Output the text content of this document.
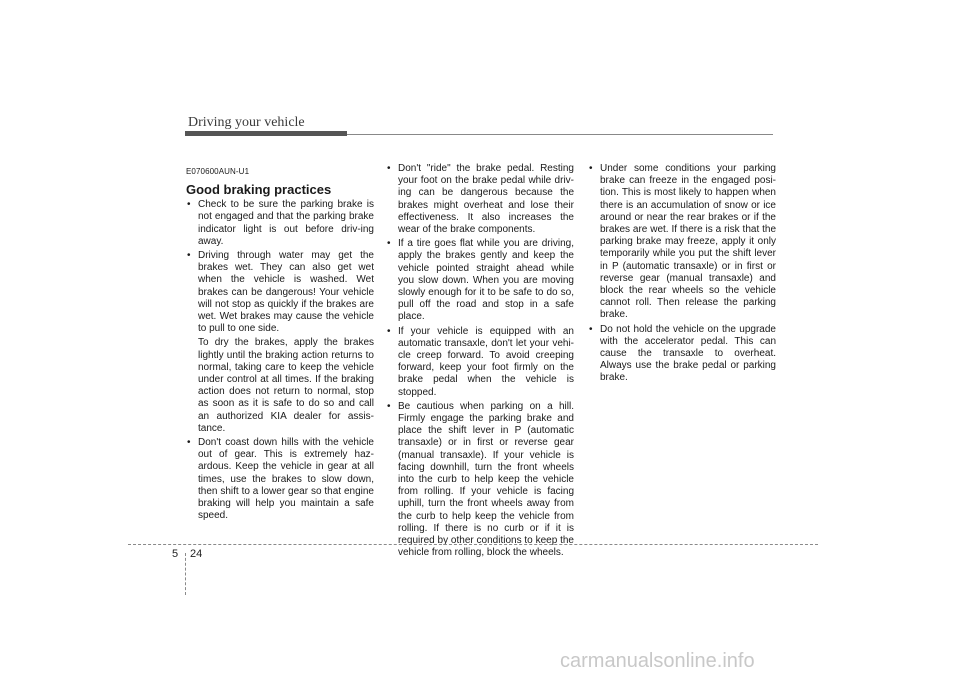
Driving your vehicle
E070600AUN-U1
Good braking practices
• Check to be sure the parking brake is not engaged and that the parking brake indicator light is out before driv-ing away.
• Driving through water may get the brakes wet. They can also get wet when the vehicle is washed. Wet brakes can be dangerous! Your vehicle will not stop as quickly if the brakes are wet. Wet brakes may cause the vehicle to pull to one side.

To dry the brakes, apply the brakes lightly until the braking action returns to normal, taking care to keep the vehicle under control at all times. If the braking action does not return to normal, stop as soon as it is safe to do so and call an authorized KIA dealer for assis-tance.

• Don't coast down hills with the vehicle out of gear. This is extremely haz-ardous. Keep the vehicle in gear at all times, use the brakes to slow down, then shift to a lower gear so that engine braking will help you maintain a safe speed.
• Don't "ride" the brake pedal. Resting your foot on the brake pedal while driv-ing can be dangerous because the brakes might overheat and lose their effectiveness. It also increases the wear of the brake components.
• If a tire goes flat while you are driving, apply the brakes gently and keep the vehicle pointed straight ahead while you slow down. When you are moving slowly enough for it to be safe to do so, pull off the road and stop in a safe place.
• If your vehicle is equipped with an automatic transaxle, don't let your vehi-cle creep forward. To avoid creeping forward, keep your foot firmly on the brake pedal when the vehicle is stopped.
• Be cautious when parking on a hill. Firmly engage the parking brake and place the shift lever in P (automatic transaxle) or in first or reverse gear (manual transaxle). If your vehicle is facing downhill, turn the front wheels into the curb to help keep the vehicle from rolling. If your vehicle is facing uphill, turn the front wheels away from the curb to help keep the vehicle from rolling. If there is no curb or if it is required by other conditions to keep the vehicle from rolling, block the wheels.
• Under some conditions your parking brake can freeze in the engaged posi-tion. This is most likely to happen when there is an accumulation of snow or ice around or near the rear brakes or if the brakes are wet. If there is a risk that the parking brake may freeze, apply it only temporarily while you put the shift lever in P (automatic transaxle) or in first or reverse gear (manual transaxle) and block the rear wheels so the vehicle cannot roll. Then release the parking brake.
• Do not hold the vehicle on the upgrade with the accelerator pedal. This can cause the transaxle to overheat. Always use the brake pedal or parking brake.
5 24
carmanualsonline.info
